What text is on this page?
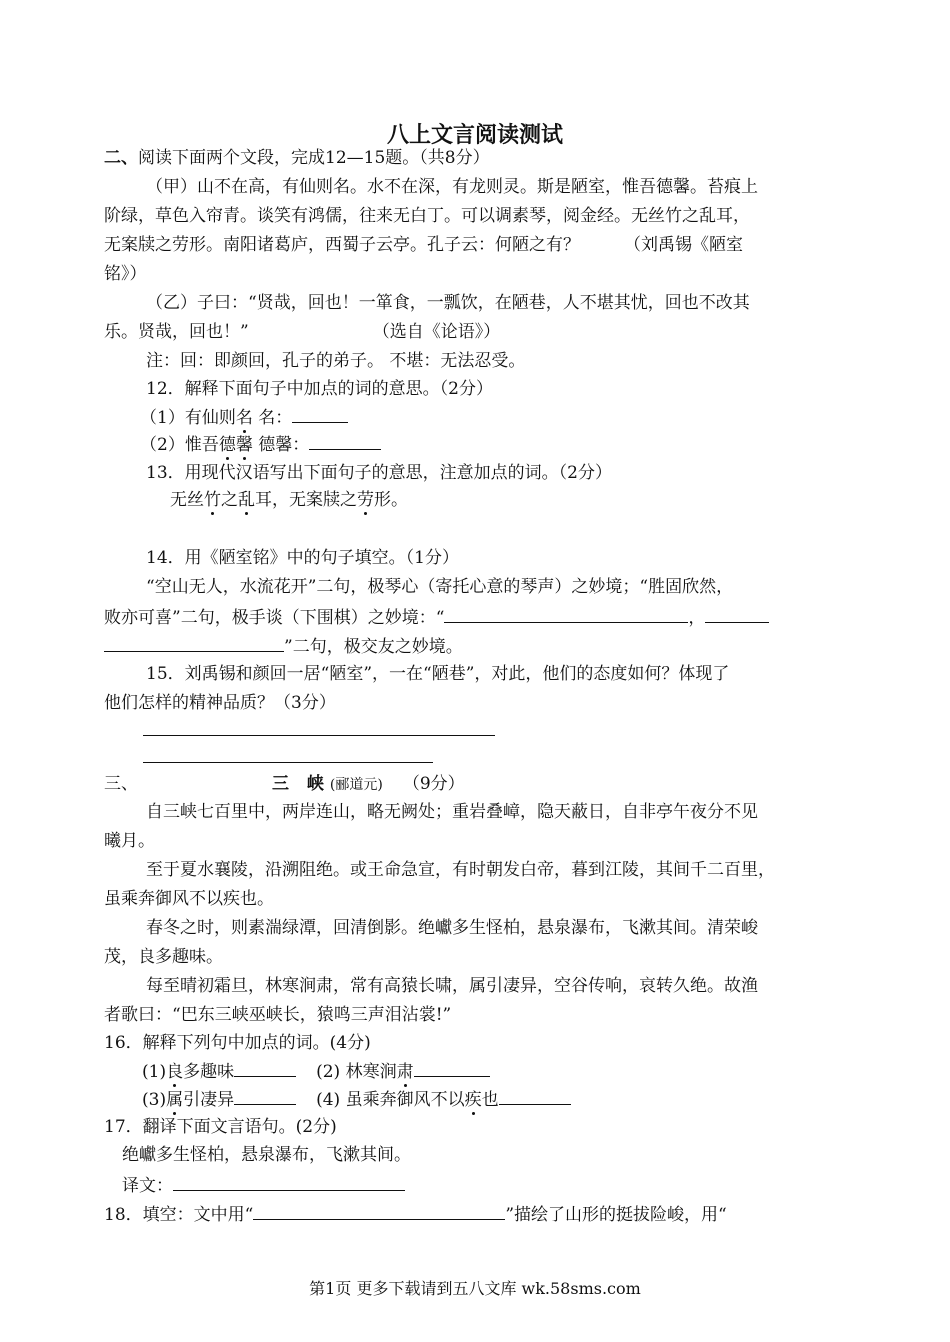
八上文言阅读测试
二、阅读下面两个文段，完成12—15题。（共8分）
（甲）山不在高，有仙则名。水不在深，有龙则灵。斯是陋室，惟吾德馨。苔痕上
阶绿，草色入帘青。谈笑有鸿儒，往来无白丁。可以调素琴，阅金经。无丝竹之乱耳，
无案牍之劳形。南阳诸葛庐，西蜀子云亭。孔子云：何陋之有？	（刘禹锡《陋室
铭》）
（乙）子曰：“贤哉，回也！一箪食，一瓢饮，在陋巷，人不堪其忧，回也不改其
乐。贤哉，回也！”	（选自《论语》）
注：回：即颜回，孔子的弟子。 不堪：无法忍受。
12．解释下面句子中加点的词的意思。（2分）
（1）有仙则名 名：
（2）惟吾德馨 德馨：
13．用现代汉语写出下面句子的意思，注意加点的词。（2分）
无丝竹之乱耳，无案牍之劳形。
14．用《陋室铭》中的句子填空。（1分）
“空山无人，水流花开”二句，极琴心（寄托心意的琴声）之妙境；“胜固欣然，
败亦可喜”二句，极手谈（下围棋）之妙境：“	，
”二句，极交友之妙境。
15．刘禹锡和颜回一居“陋室”，一在“陋巷”，对此，他们的态度如何？体现了
他们怎样的精神品质？（3分）
三、	三 峡(郦道元) （9分）
自三峡七百里中，两岸连山，略无阙处；重岩叠嶂，隐天蔽日，自非亭午夜分不见
曦月。
至于夏水襄陵，沿溯阻绝。或王命急宣，有时朝发白帝，暮到江陵，其间千二百里，
虽乘奔御风不以疾也。
春冬之时，则素湍绿潭，回清倒影。绝巘多生怪柏，悬泉瀑布，飞漱其间。清荣峻
茂，良多趣味。
每至晴初霜旦，林寒涧肃，常有高猿长啸，属引凄异，空谷传响，哀转久绝。故渔
者歌曰：“巴东三峡巫峡长，猿鸣三声泪沾裳!”
16．解释下列句中加点的词。(4分)
(1)良多趣味	(2) 林寒涧肃
(3)属引凄异	(4) 虽乘奔御风不以疾也
17．翻译下面文言语句。(2分)
绝巘多生怪柏，悬泉瀑布，飞漱其间。
译文：
18．填空：文中用“	”描绘了山形的挺拔险峻，用“
第1页 更多下载请到五八文库 wk.58sms.com
